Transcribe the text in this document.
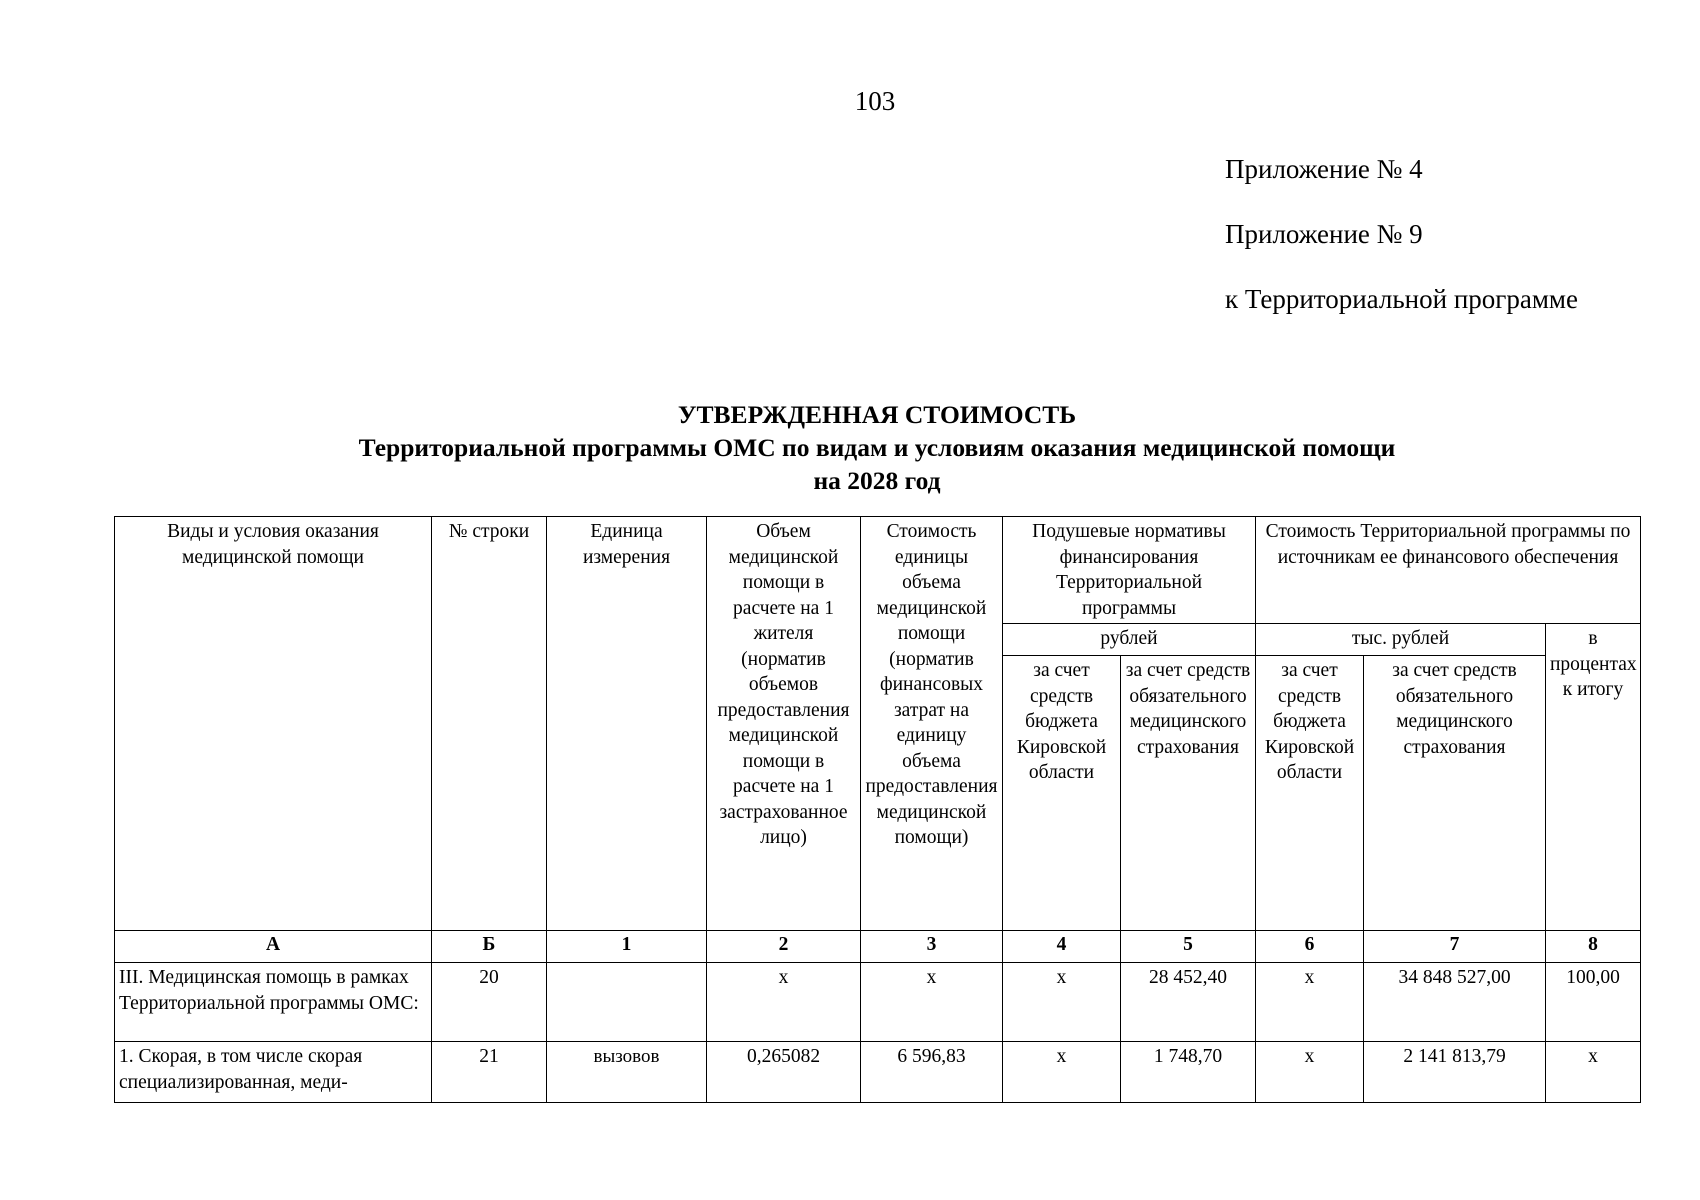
103
Приложение № 4
Приложение № 9
к Территориальной программе
УТВЕРЖДЕННАЯ СТОИМОСТЬ
Территориальной программы ОМС по видам и условиям оказания медицинской помощи
на 2028 год
Виды и условия оказания медицинской помощи	№ строки	Единица измерения	Объем медицинской помощи в расчете на 1 жителя (норматив объемов предоставления медицинской помощи в расчете на 1 застрахованное лицо)	Стоимость единицы объема медицинской помощи (норматив финансовых затрат на единицу объема предоставления медицинской помощи)	Подушевые нормативы финансирования Территориальной программы		Стоимость Территориальной программы по источникам ее финансового обеспечения		
					рублей		тыс. рублей		в процентах к итогу
					за счет средств бюджета Кировской области	за счет средств обязательного медицинского страхования	за счет средств бюджета Кировской области	за счет средств обязательного медицинского страхования	
А	Б	1	2	3	4	5	6	7	8
III. Медицинская помощь в рамках Территориальной программы ОМС:	20		х	х	х	28 452,40	х	34 848 527,00	100,00
1. Скорая, в том числе скорая специализированная, меди-	21	вызовов	0,265082	6 596,83	х	1 748,70	х	2 141 813,79	х
